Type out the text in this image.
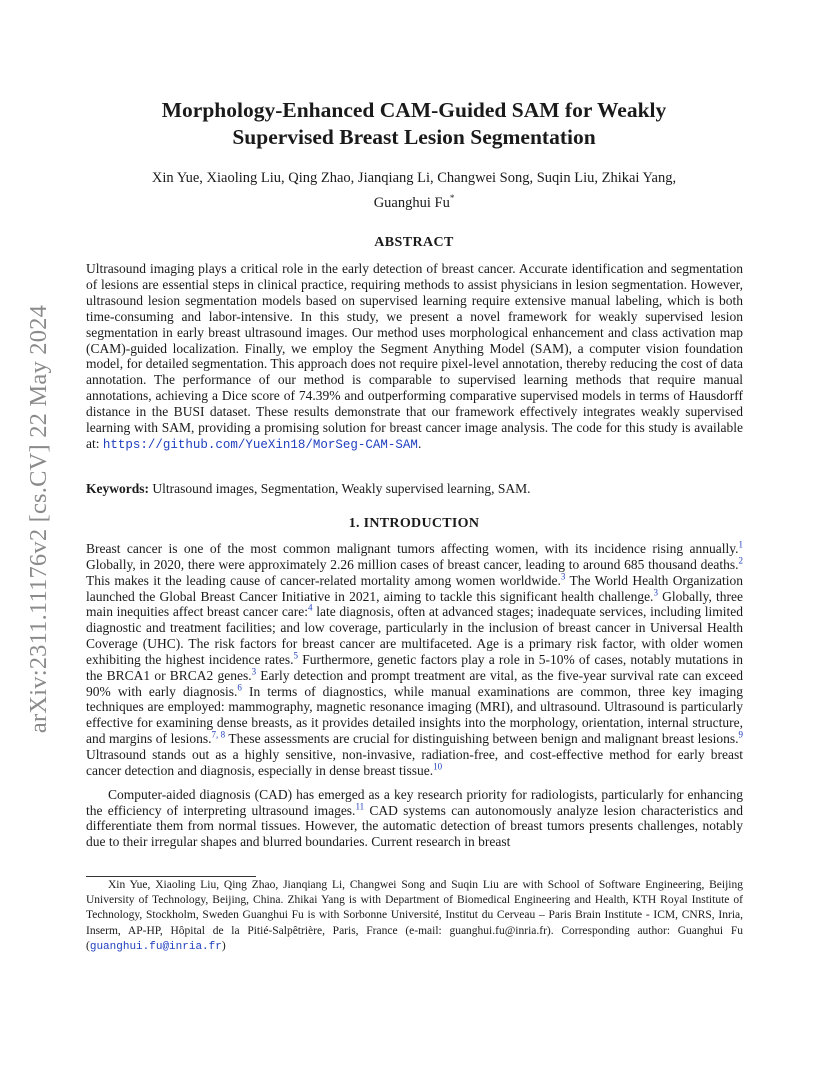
arXiv:2311.11176v2 [cs.CV] 22 May 2024
Morphology-Enhanced CAM-Guided SAM for Weakly
Supervised Breast Lesion Segmentation
Xin Yue, Xiaoling Liu, Qing Zhao, Jianqiang Li, Changwei Song, Suqin Liu, Zhikai Yang,
Guanghui Fu*
ABSTRACT
Ultrasound imaging plays a critical role in the early detection of breast cancer. Accurate identification and segmentation of lesions are essential steps in clinical practice, requiring methods to assist physicians in lesion segmentation. However, ultrasound lesion segmentation models based on supervised learning require extensive manual labeling, which is both time-consuming and labor-intensive. In this study, we present a novel framework for weakly supervised lesion segmentation in early breast ultrasound images. Our method uses morphological enhancement and class activation map (CAM)-guided localization. Finally, we employ the Segment Anything Model (SAM), a computer vision foundation model, for detailed segmentation. This approach does not require pixel-level annotation, thereby reducing the cost of data annotation. The performance of our method is comparable to supervised learning methods that require manual annotations, achieving a Dice score of 74.39% and outperforming comparative supervised models in terms of Hausdorff distance in the BUSI dataset. These results demonstrate that our framework effectively integrates weakly supervised learning with SAM, providing a promising solution for breast cancer image analysis. The code for this study is available at: https://github.com/YueXin18/MorSeg-CAM-SAM.
Keywords: Ultrasound images, Segmentation, Weakly supervised learning, SAM.
1. INTRODUCTION

Breast cancer is one of the most common malignant tumors affecting women, with its incidence rising annually.$^1$ Globally, in 2020, there were approximately 2.26 million cases of breast cancer, leading to around 685 thousand deaths.$^2$ This makes it the leading cause of cancer-related mortality among women worldwide.$^3$ The World Health Organization launched the Global Breast Cancer Initiative in 2021, aiming to tackle this significant health challenge.$^3$ Globally, three main inequities affect breast cancer care:$^4$ late diagnosis, often at advanced stages; inadequate services, including limited diagnostic and treatment facilities; and low coverage, particularly in the inclusion of breast cancer in Universal Health Coverage (UHC). The risk factors for breast cancer are multifaceted. Age is a primary risk factor, with older women exhibiting the highest incidence rates.$^5$ Furthermore, genetic factors play a role in 5-10% of cases, notably mutations in the BRCA1 or BRCA2 genes.$^3$ Early detection and prompt treatment are vital, as the five-year survival rate can exceed 90% with early diagnosis.$^6$ In terms of diagnostics, while manual examinations are common, three key imaging techniques are employed: mammography, magnetic resonance imaging (MRI), and ultrasound. Ultrasound is particularly effective for examining dense breasts, as it provides detailed insights into the morphology, orientation, internal structure, and margins of lesions.$^{7, 8}$ These assessments are crucial for distinguishing between benign and malignant breast lesions.$^9$ Ultrasound stands out as a highly sensitive, non-invasive, radiation-free, and cost-effective method for early breast cancer detection and diagnosis, especially in dense breast tissue.$^{10}$

Computer-aided diagnosis (CAD) has emerged as a key research priority for radiologists, particularly for enhancing the efficiency of interpreting ultrasound images.$^{11}$ CAD systems can autonomously analyze lesion characteristics and differentiate them from normal tissues. However, the automatic detection of breast tumors presents challenges, notably due to their irregular shapes and blurred boundaries. Current research in breast

Xin Yue, Xiaoling Liu, Qing Zhao, Jianqiang Li, Changwei Song and Suqin Liu are with School of Software Engineering, Beijing University of Technology, Beijing, China. Zhikai Yang is with Department of Biomedical Engineering and Health, KTH Royal Institute of Technology, Stockholm, Sweden Guanghui Fu is with Sorbonne Université, Institut du Cerveau – Paris Brain Institute - ICM, CNRS, Inria, Inserm, AP-HP, Hôpital de la Pitié-Salpêtrière, Paris, France (e-mail: guanghui.fu@inria.fr). Corresponding author: Guanghui Fu (guanghui.fu@inria.fr)
